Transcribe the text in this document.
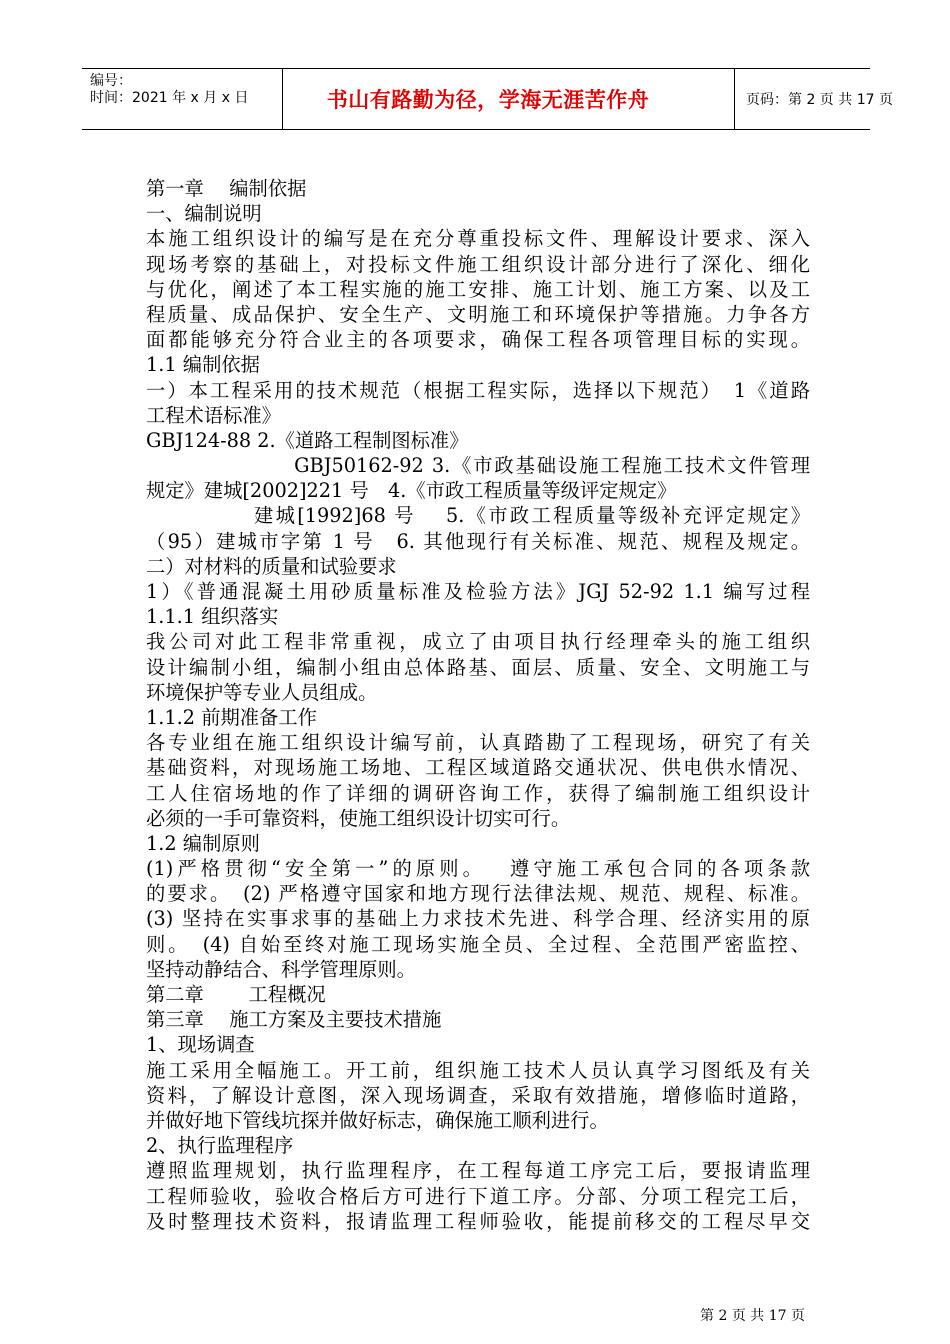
编号：
时间：2021 年 x 月 x 日	书山有路勤为径，学海无涯苦作舟	页码：第 2 页 共 17 页
第一章　 编制依据
一、编制说明
本施工组织设计的编写是在充分尊重投标文件、理解设计要求、深入
现场考察的基础上，对投标文件施工组织设计部分进行了深化、细化
与优化，阐述了本工程实施的施工安排、施工计划、施工方案、以及工
程质量、成品保护、安全生产、文明施工和环境保护等措施。力争各方
面都能够充分符合业主的各项要求，确保工程各项管理目标的实现。
1.1 编制依据
一）本工程采用的技术规范（根据工程实际，选择以下规范）　1《道路
工程术语标准》
GBJ124-88 2.《道路工程制图标准》
　　　　　　　GBJ50162-92 3.《市政基础设施工程施工技术文件管理
规定》建城[2002]221 号　4.《市政工程质量等级评定规定》
　　　　　建城[1992]68 号　 5.《市政工程质量等级补充评定规定》
（95）建城市字第 1 号　6. 其他现行有关标准、规范、规程及规定。
二）对材料的质量和试验要求
1）《普通混凝土用砂质量标准及检验方法》JGJ 52-92 1.1 编写过程
1.1.1 组织落实
我公司对此工程非常重视，成立了由项目执行经理牵头的施工组织
设计编制小组，编制小组由总体路基、面层、质量、安全、文明施工与
环境保护等专业人员组成。
1.1.2 前期准备工作
各专业组在施工组织设计编写前，认真踏勘了工程现场，研究了有关
基础资料，对现场施工场地、工程区域道路交通状况、供电供水情况、
工人住宿场地的作了详细的调研咨询工作，获得了编制施工组织设计
必须的一手可靠资料，使施工组织设计切实可行。
1.2 编制原则
(1)严格贯彻“安全第一”的原则。　 遵守施工承包合同的各项条款
的要求。　(2) 严格遵守国家和地方现行法律法规、规范、规程、标准。
(3) 坚持在实事求事的基础上力求技术先进、科学合理、经济实用的原
则。　(4) 自始至终对施工现场实施全员、全过程、全范围严密监控、
坚持动静结合、科学管理原则。
第二章　　 工程概况
第三章　 施工方案及主要技术措施
1、现场调查
施工采用全幅施工。开工前，组织施工技术人员认真学习图纸及有关
资料，了解设计意图，深入现场调查，采取有效措施，增修临时道路，
并做好地下管线坑探并做好标志，确保施工顺利进行。
2、执行监理程序
遵照监理规划，执行监理程序，在工程每道工序完工后，要报请监理
工程师验收，验收合格后方可进行下道工序。分部、分项工程完工后，
及时整理技术资料，报请监理工程师验收，能提前移交的工程尽早交
第 2 页 共 17 页
